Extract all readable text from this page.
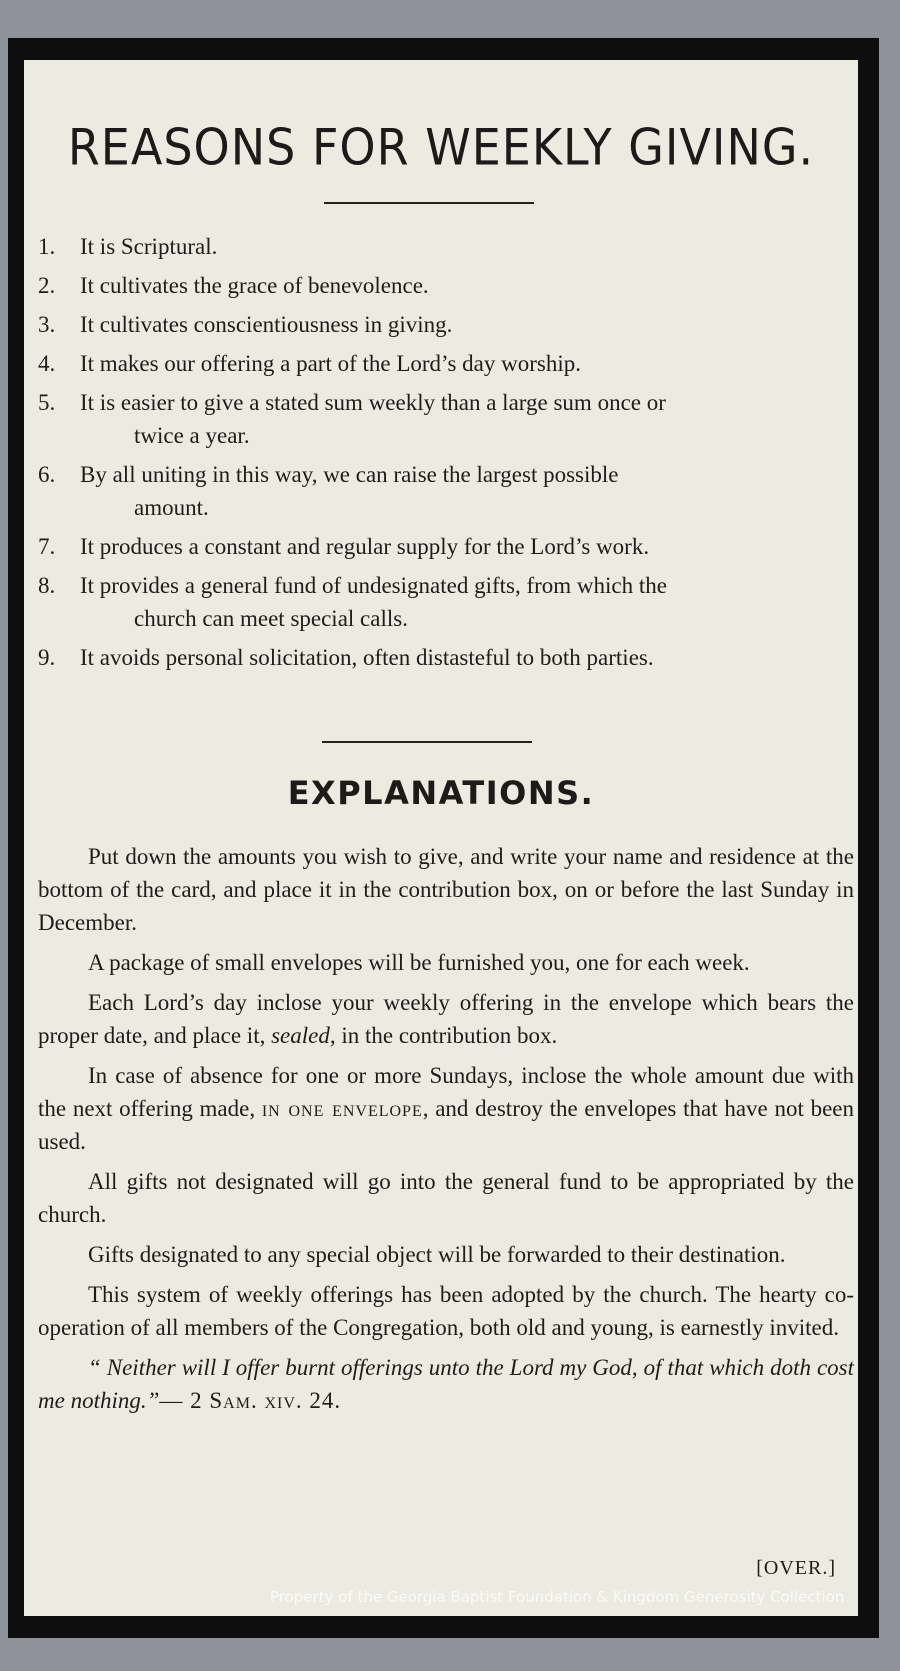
REASONS FOR WEEKLY GIVING.
1.	It is Scriptural.
2.	It cultivates the grace of benevolence.
3.	It cultivates conscientiousness in giving.
4.	It makes our offering a part of the Lord’s day worship.
5.	It is easier to give a stated sum weekly than a large sum once or
twice a year.
6.	By all uniting in this way, we can raise the largest possible
amount.
7.	It produces a constant and regular supply for the Lord’s work.
8.	It provides a general fund of undesignated gifts, from which the
church can meet special calls.
9.	It avoids personal solicitation, often distasteful to both parties.
EXPLANATIONS.

Put down the amounts you wish to give, and write your name and residence at the bottom of the card, and place it in the contribution box, on or before the last Sunday in December.

A package of small envelopes will be furnished you, one for each week.

Each Lord’s day inclose your weekly offering in the envelope which bears the proper date, and place it, sealed, in the contribution box.

In case of absence for one or more Sundays, inclose the whole amount due with the next offering made, in one envelope, and destroy the envelopes that have not been used.

All gifts not designated will go into the general fund to be appropriated by the church.

Gifts designated to any special object will be forwarded to their destination.

This system of weekly offerings has been adopted by the church. The hearty co-operation of all members of the Congregation, both old and young, is earnestly invited.

“ Neither will I offer burnt offerings unto the Lord my God, of that which doth cost me nothing.”— 2 Sam. xiv. 24.

[OVER.]
Property of the Georgia Baptist Foundation & Kingdom Generosity Collection
